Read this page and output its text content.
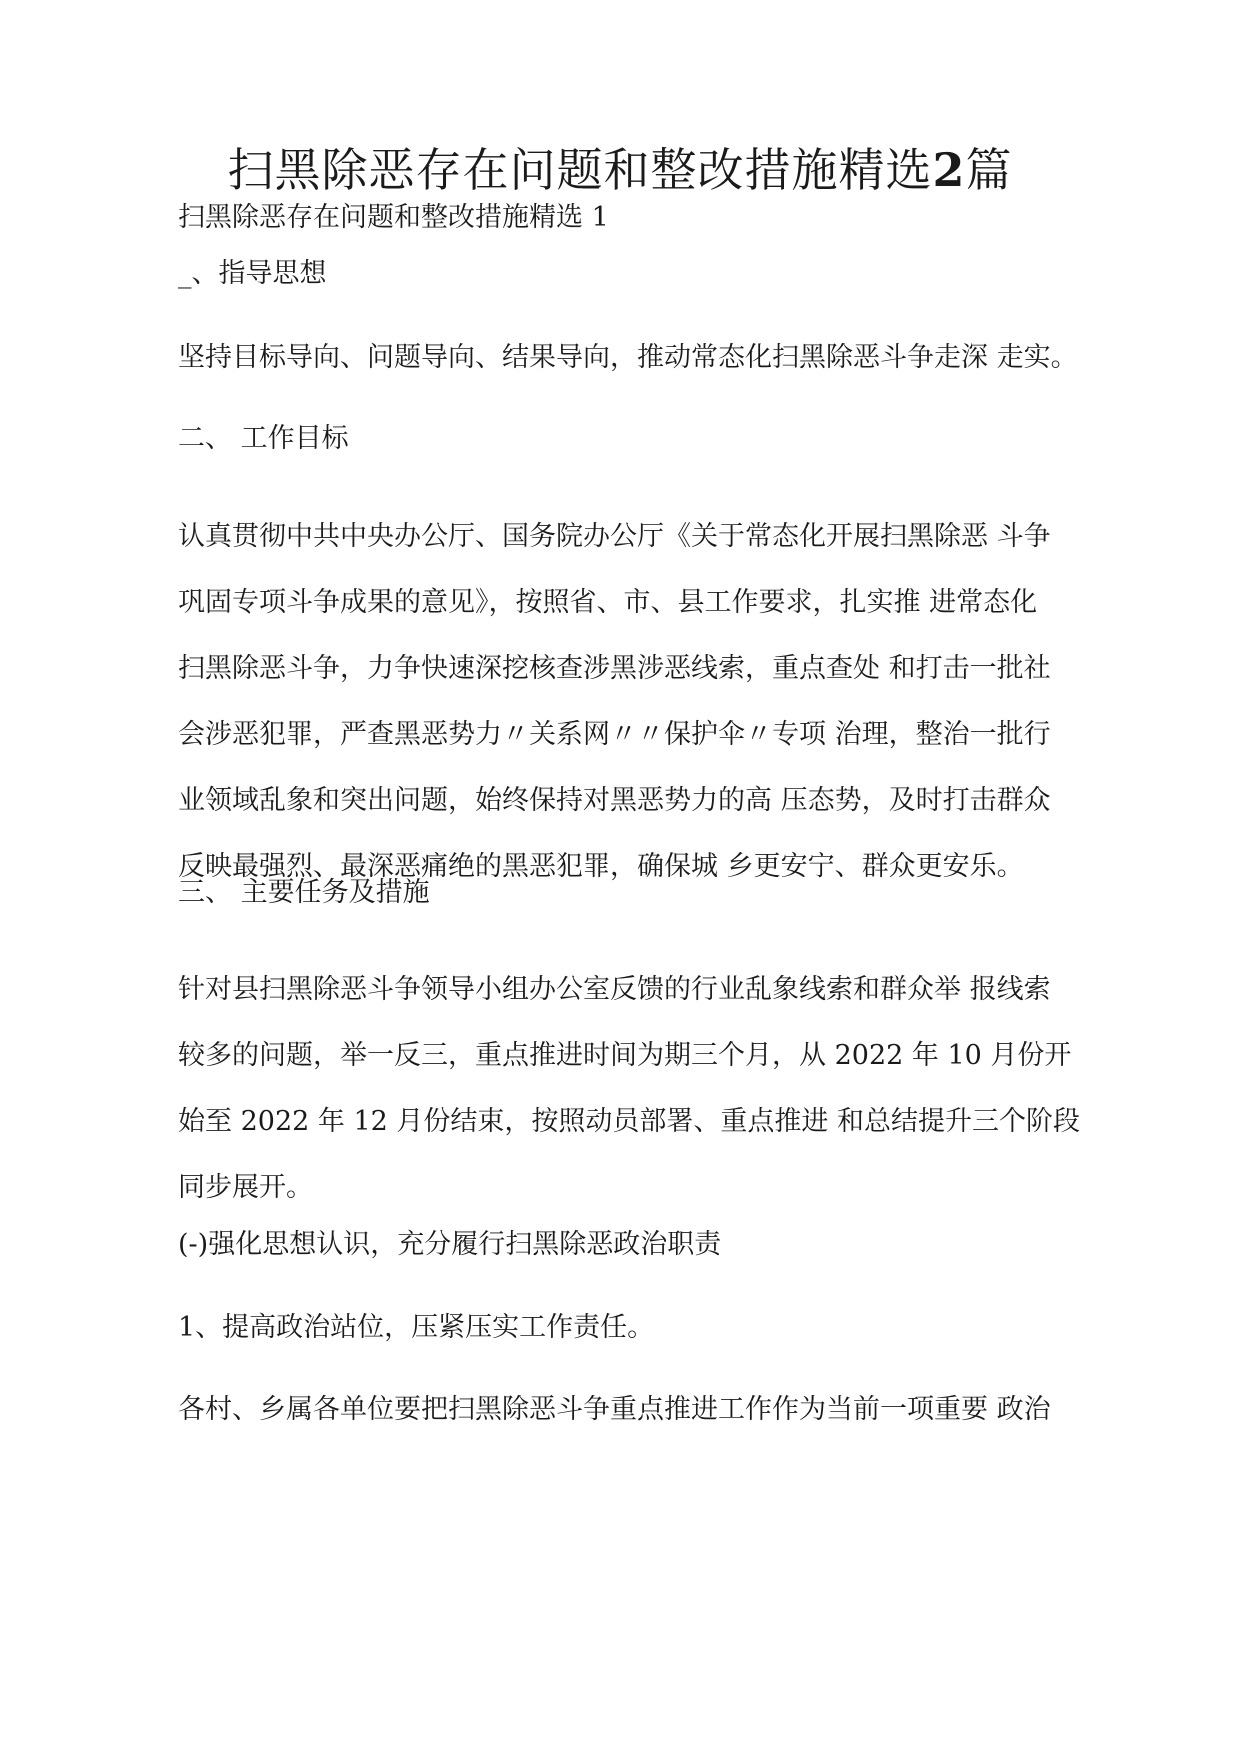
扫黑除恶存在问题和整改措施精选2篇
扫黑除恶存在问题和整改措施精选 1
_、指导思想
坚持目标导向、问题导向、结果导向，推动常态化扫黑除恶斗争走深 走实。
二、 工作目标
认真贯彻中共中央办公厅、国务院办公厅《关于常态化开展扫黑除恶 斗争
巩固专项斗争成果的意见》，按照省、市、县工作要求，扎实推 进常态化
扫黑除恶斗争，力争快速深挖核查涉黑涉恶线索，重点查处 和打击一批社
会涉恶犯罪，严查黑恶势力〃关系网〃〃保护伞〃专项 治理，整治一批行
业领域乱象和突出问题，始终保持对黑恶势力的高 压态势，及时打击群众
反映最强烈、最深恶痛绝的黑恶犯罪，确保城 乡更安宁、群众更安乐。
三、 主要任务及措施
针对县扫黑除恶斗争领导小组办公室反馈的行业乱象线索和群众举 报线索
较多的问题，举一反三，重点推进时间为期三个月，从 2022 年 10 月份开
始至 2022 年 12 月份结束，按照动员部署、重点推进 和总结提升三个阶段
同步展开。
(-)强化思想认识，充分履行扫黑除恶政治职责
1、提高政治站位，压紧压实工作责任。
各村、乡属各单位要把扫黑除恶斗争重点推进工作作为当前一项重要 政治
